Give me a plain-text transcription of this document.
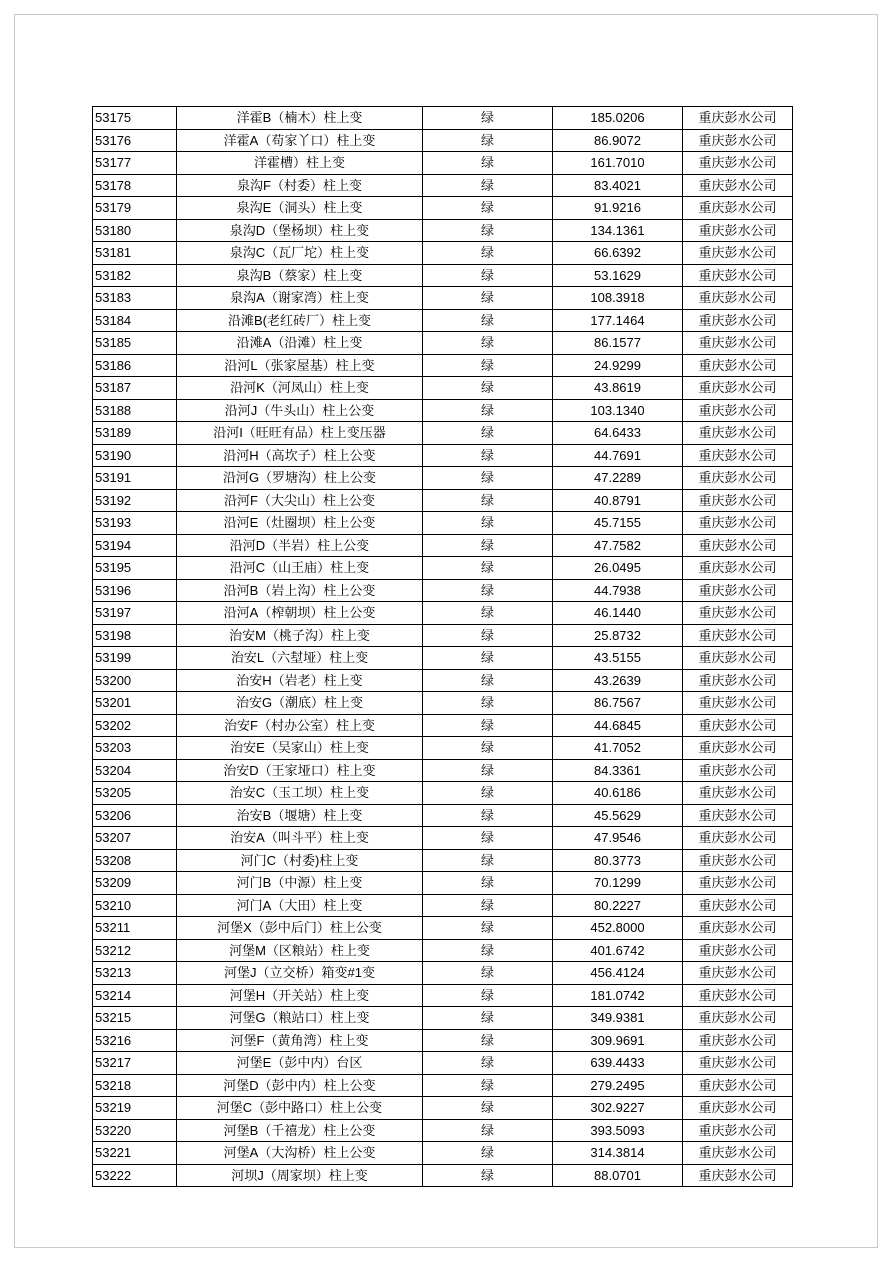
53175	洋霍B（楠木）柱上变	绿	185.0206	重庆彭水公司
53176	洋霍A（苟家丫口）柱上变	绿	86.9072	重庆彭水公司
53177	洋霍槽）柱上变	绿	161.7010	重庆彭水公司
53178	泉沟F（村委）柱上变	绿	83.4021	重庆彭水公司
53179	泉沟E（洞头）柱上变	绿	91.9216	重庆彭水公司
53180	泉沟D（堡杨坝）柱上变	绿	134.1361	重庆彭水公司
53181	泉沟C（瓦厂坨）柱上变	绿	66.6392	重庆彭水公司
53182	泉沟B（蔡家）柱上变	绿	53.1629	重庆彭水公司
53183	泉沟A（谢家湾）柱上变	绿	108.3918	重庆彭水公司
53184	沿滩B(老红砖厂）柱上变	绿	177.1464	重庆彭水公司
53185	沿滩A（沿滩）柱上变	绿	86.1577	重庆彭水公司
53186	沿河L（张家屋基）柱上变	绿	24.9299	重庆彭水公司
53187	沿河K（河凤山）柱上变	绿	43.8619	重庆彭水公司
53188	沿河J（牛头山）柱上公变	绿	103.1340	重庆彭水公司
53189	沿河I（旺旺有品）柱上变压器	绿	64.6433	重庆彭水公司
53190	沿河H（高坎子）柱上公变	绿	44.7691	重庆彭水公司
53191	沿河G（罗塘沟）柱上公变	绿	47.2289	重庆彭水公司
53192	沿河F（大尖山）柱上公变	绿	40.8791	重庆彭水公司
53193	沿河E（灶圈坝）柱上公变	绿	45.7155	重庆彭水公司
53194	沿河D（半岩）柱上公变	绿	47.7582	重庆彭水公司
53195	沿河C（山王庙）柱上变	绿	26.0495	重庆彭水公司
53196	沿河B（岩上沟）柱上公变	绿	44.7938	重庆彭水公司
53197	沿河A（榨朝坝）柱上公变	绿	46.1440	重庆彭水公司
53198	治安M（桃子沟）柱上变	绿	25.8732	重庆彭水公司
53199	治安L（六堼垭）柱上变	绿	43.5155	重庆彭水公司
53200	治安H（岩老）柱上变	绿	43.2639	重庆彭水公司
53201	治安G（潮底）柱上变	绿	86.7567	重庆彭水公司
53202	治安F（村办公室）柱上变	绿	44.6845	重庆彭水公司
53203	治安E（吴家山）柱上变	绿	41.7052	重庆彭水公司
53204	治安D（王家垭口）柱上变	绿	84.3361	重庆彭水公司
53205	治安C（玉工坝）柱上变	绿	40.6186	重庆彭水公司
53206	治安B（堰塘）柱上变	绿	45.5629	重庆彭水公司
53207	治安A（叫斗平）柱上变	绿	47.9546	重庆彭水公司
53208	河门C（村委)柱上变	绿	80.3773	重庆彭水公司
53209	河门B（中源）柱上变	绿	70.1299	重庆彭水公司
53210	河门A（大田）柱上变	绿	80.2227	重庆彭水公司
53211	河堡X（彭中后门）柱上公变	绿	452.8000	重庆彭水公司
53212	河堡M（区粮站）柱上变	绿	401.6742	重庆彭水公司
53213	河堡J（立交桥）箱变#1变	绿	456.4124	重庆彭水公司
53214	河堡H（开关站）柱上变	绿	181.0742	重庆彭水公司
53215	河堡G（粮站口）柱上变	绿	349.9381	重庆彭水公司
53216	河堡F（黄角湾）柱上变	绿	309.9691	重庆彭水公司
53217	河堡E（彭中内）台区	绿	639.4433	重庆彭水公司
53218	河堡D（彭中内）柱上公变	绿	279.2495	重庆彭水公司
53219	河堡C（彭中路口）柱上公变	绿	302.9227	重庆彭水公司
53220	河堡B（千禧龙）柱上公变	绿	393.5093	重庆彭水公司
53221	河堡A（大沟桥）柱上公变	绿	314.3814	重庆彭水公司
53222	河坝J（周家坝）柱上变	绿	88.0701	重庆彭水公司
